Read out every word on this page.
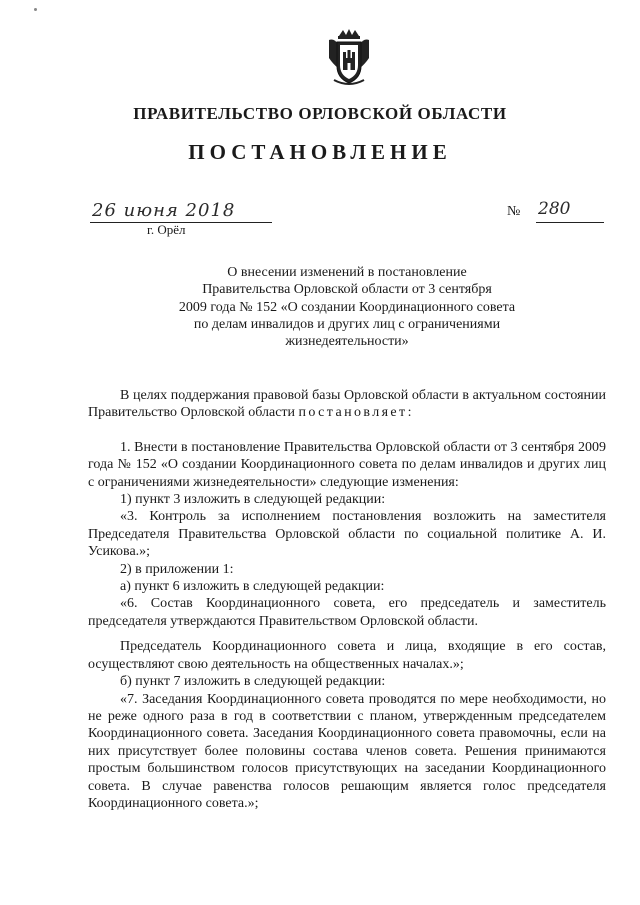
ПРАВИТЕЛЬСТВО ОРЛОВСКОЙ ОБЛАСТИ
ПОСТАНОВЛЕНИЕ
26 июня 2018
г. Орёл
№ 280
О внесении изменений в постановление
Правительства Орловской области от 3 сентября
2009 года № 152 «О создании Координационного совета
по делам инвалидов и других лиц с ограничениями
жизнедеятельности»

В целях поддержания правовой базы Орловской области в актуальном состоянии Правительство Орловской области постановляет:

1. Внести в постановление Правительства Орловской области от 3 сентября 2009 года № 152 «О создании Координационного совета по делам инвалидов и других лиц с ограничениями жизнедеятельности» следующие изменения:

1) пункт 3 изложить в следующей редакции:

«3. Контроль за исполнением постановления возложить на заместителя Председателя Правительства Орловской области по социальной политике А. И. Усикова.»;

2) в приложении 1:

а) пункт 6 изложить в следующей редакции:

«6. Состав Координационного совета, его председатель и заместитель председателя утверждаются Правительством Орловской области.

Председатель Координационного совета и лица, входящие в его состав, осуществляют свою деятельность на общественных началах.»;

б) пункт 7 изложить в следующей редакции:

«7. Заседания Координационного совета проводятся по мере необходимости, но не реже одного раза в год в соответствии с планом, утвержденным председателем Координационного совета. Заседания Координационного совета правомочны, если на них присутствует более половины состава членов совета. Решения принимаются простым большинством голосов присутствующих на заседании Координационного совета. В случае равенства голосов решающим является голос председателя Координационного совета.»;
